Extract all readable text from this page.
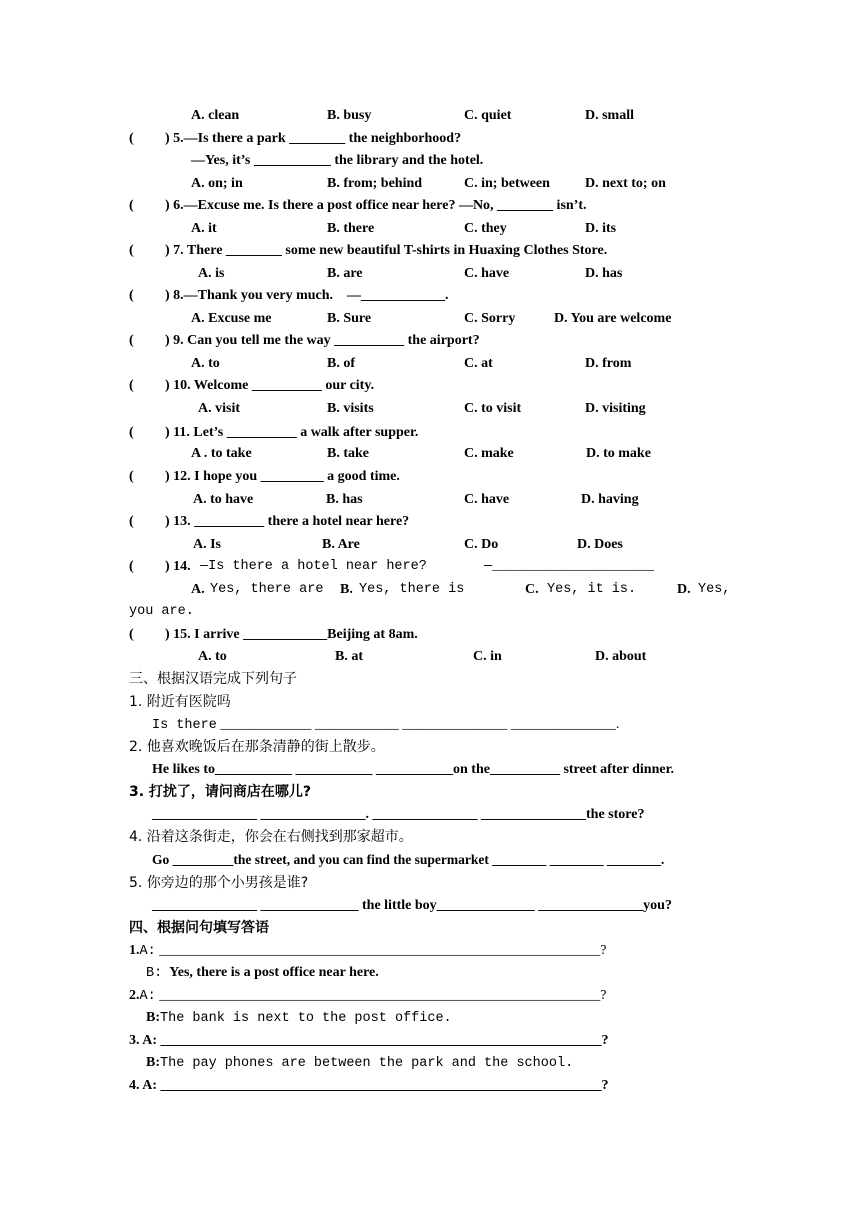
A. clean	B. busy	C. quiet	D. small
( ) 5.—Is there a park ________ the neighborhood?
—Yes, it’s ___________ the library and the hotel.
A. on; in	B. from; behind	C. in; between	D. next to; on
( ) 6.—Excuse me. Is there a post office near here? —No, ________ isn’t.
A. it	B. there	C. they	D. its
( ) 7. There ________ some new beautiful T-shirts in Huaxing Clothes Store.
A. is	B. are	C. have	D. has
( ) 8.—Thank you very much.    —____________.
A. Excuse me	B. Sure	C. Sorry	D. You are welcome
( ) 9. Can you tell me the way __________ the airport?
A. to	B. of	C. at	D. from
( ) 10. Welcome __________ our city.
A. visit	B. visits	C. to visit	D. visiting
( ) 11. Let’s __________ a walk after supper.
A . to take	B. take	C. make	D. to make
( ) 12. I hope you _________ a good time.
A. to have	B. has	C. have	D. having
( ) 13. __________ there a hotel near here?
A. Is	B. Are	C. Do	D. Does
( ) 14. —Is there a hotel near here?	—____________________
A. Yes, there are B. Yes, there is	C. Yes, it is.	D. Yes,
you are.
( ) 15. I arrive ____________Beijing at 8am.
A. to	B. at	C. in	D. about
三、根据汉语完成下列句子
1. 附近有医院吗
Is there _____________ ____________ _______________ _______________.
2. 他喜欢晚饭后在那条清静的街上散步。
He likes to___________ ___________ ___________on the__________ street after dinner.
3. 打扰了，请问商店在哪儿?
_______________ _______________. _______________ _______________the store?
4. 沿着这条街走，你会在右侧找到那家超市。
Go _________the street, and you can find the supermarket ________ ________ ________.
5. 你旁边的那个小男孩是谁?
_______________ ______________ the little boy______________ _______________you?
四、根据问句填写答语
1.A: _______________________________________________________________?
B: Yes, there is a post office near here.
2.A: _______________________________________________________________?
B:The bank is next to the post office.
3. A: _______________________________________________________________?
B:The pay phones are between the park and the school.
4. A: _______________________________________________________________?
